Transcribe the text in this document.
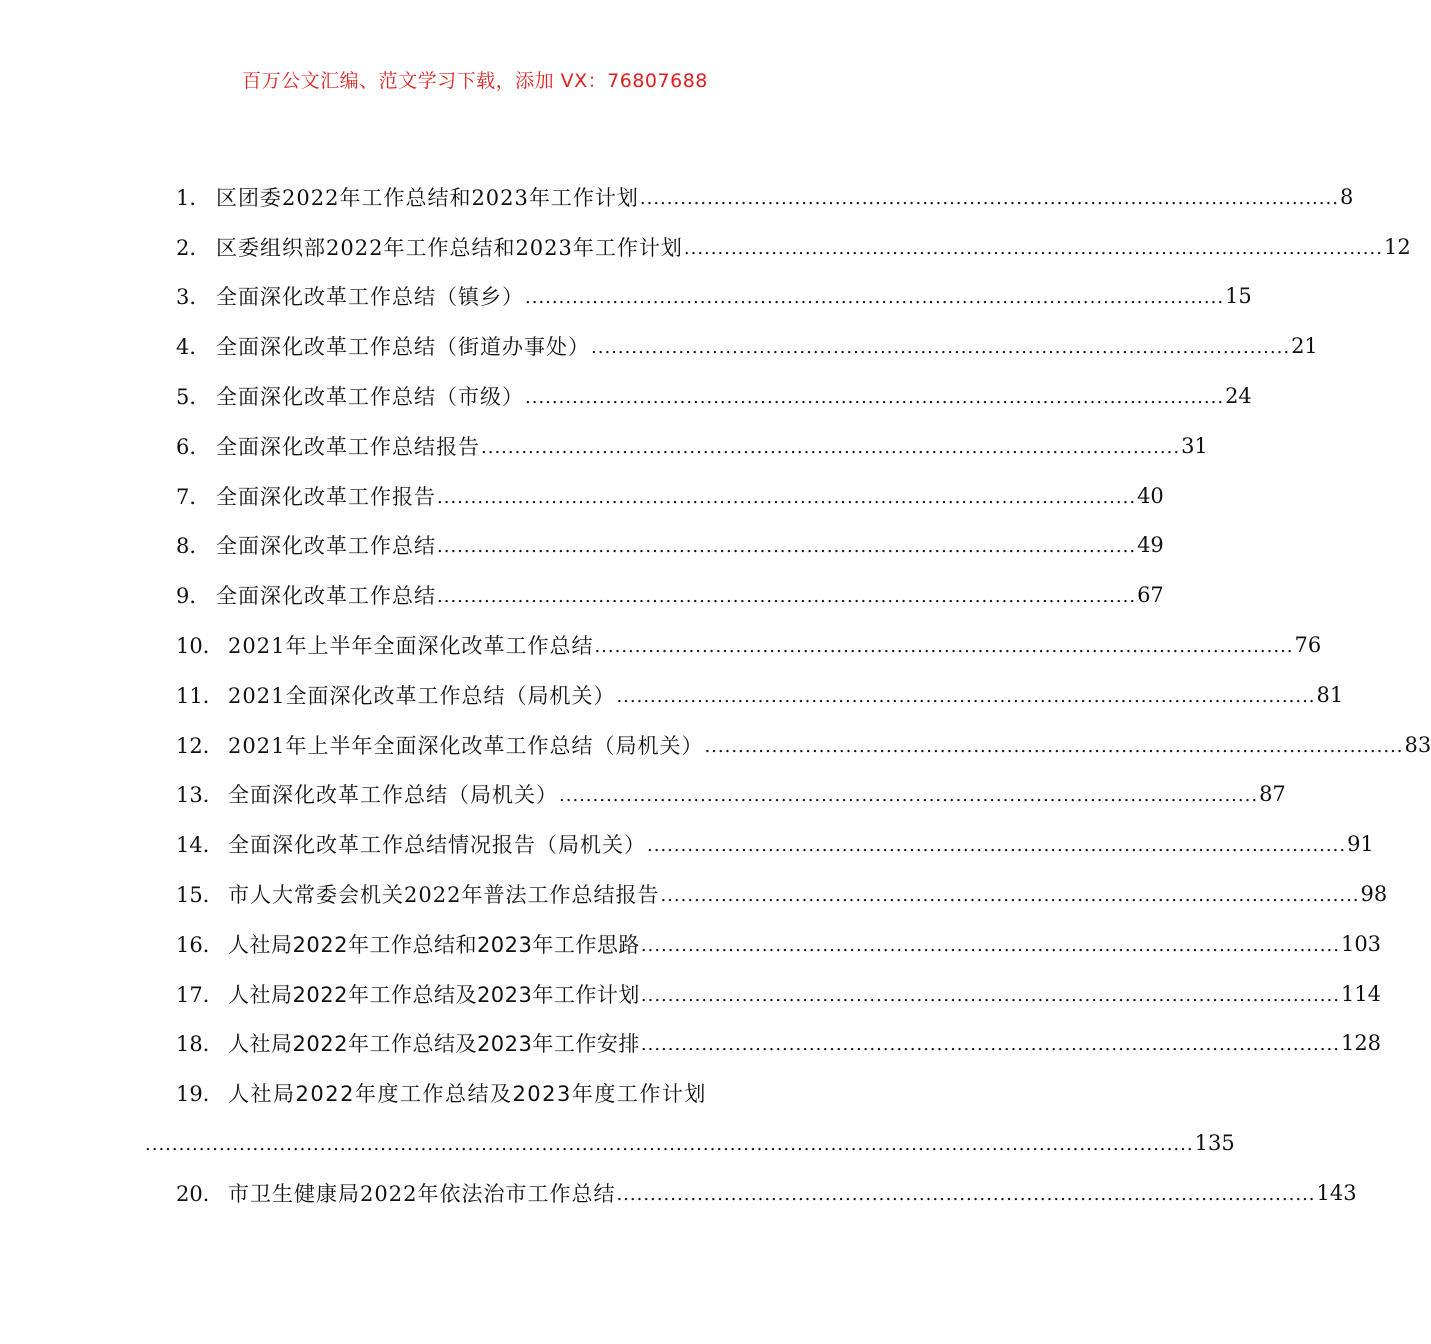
百万公文汇编、范文学习下载，添加 VX：76807688
1． 区团委2022年工作总结和2023年工作计划 ........................................................................................................ 8
2． 区委组织部2022年工作总结和2023年工作计划 ........................................................................................................ 12
3． 全面深化改革工作总结（镇乡） ........................................................................................................ 15
4． 全面深化改革工作总结（街道办事处） ........................................................................................................ 21
5． 全面深化改革工作总结（市级） ........................................................................................................ 24
6． 全面深化改革工作总结报告 ........................................................................................................ 31
7． 全面深化改革工作报告 ........................................................................................................ 40
8． 全面深化改革工作总结 ........................................................................................................ 49
9． 全面深化改革工作总结 ........................................................................................................ 67
10． 2021年上半年全面深化改革工作总结 ........................................................................................................ 76
11． 2021全面深化改革工作总结（局机关） ........................................................................................................ 81
12． 2021年上半年全面深化改革工作总结（局机关） ........................................................................................................ 83
13． 全面深化改革工作总结（局机关） ........................................................................................................ 87
14． 全面深化改革工作总结情况报告（局机关） ........................................................................................................ 91
15． 市人大常委会机关2022年普法工作总结报告 ........................................................................................................ 98
16． 人社局2022年工作总结和2023年工作思路 ........................................................................................................ 103
17． 人社局2022年工作总结及2023年工作计划 ........................................................................................................ 114
18． 人社局2022年工作总结及2023年工作安排 ........................................................................................................ 128
19． 人社局2022年度工作总结及2023年度工作计划
............................................................................................................................................................ 135
20． 市卫生健康局2022年依法治市工作总结 ........................................................................................................ 143
